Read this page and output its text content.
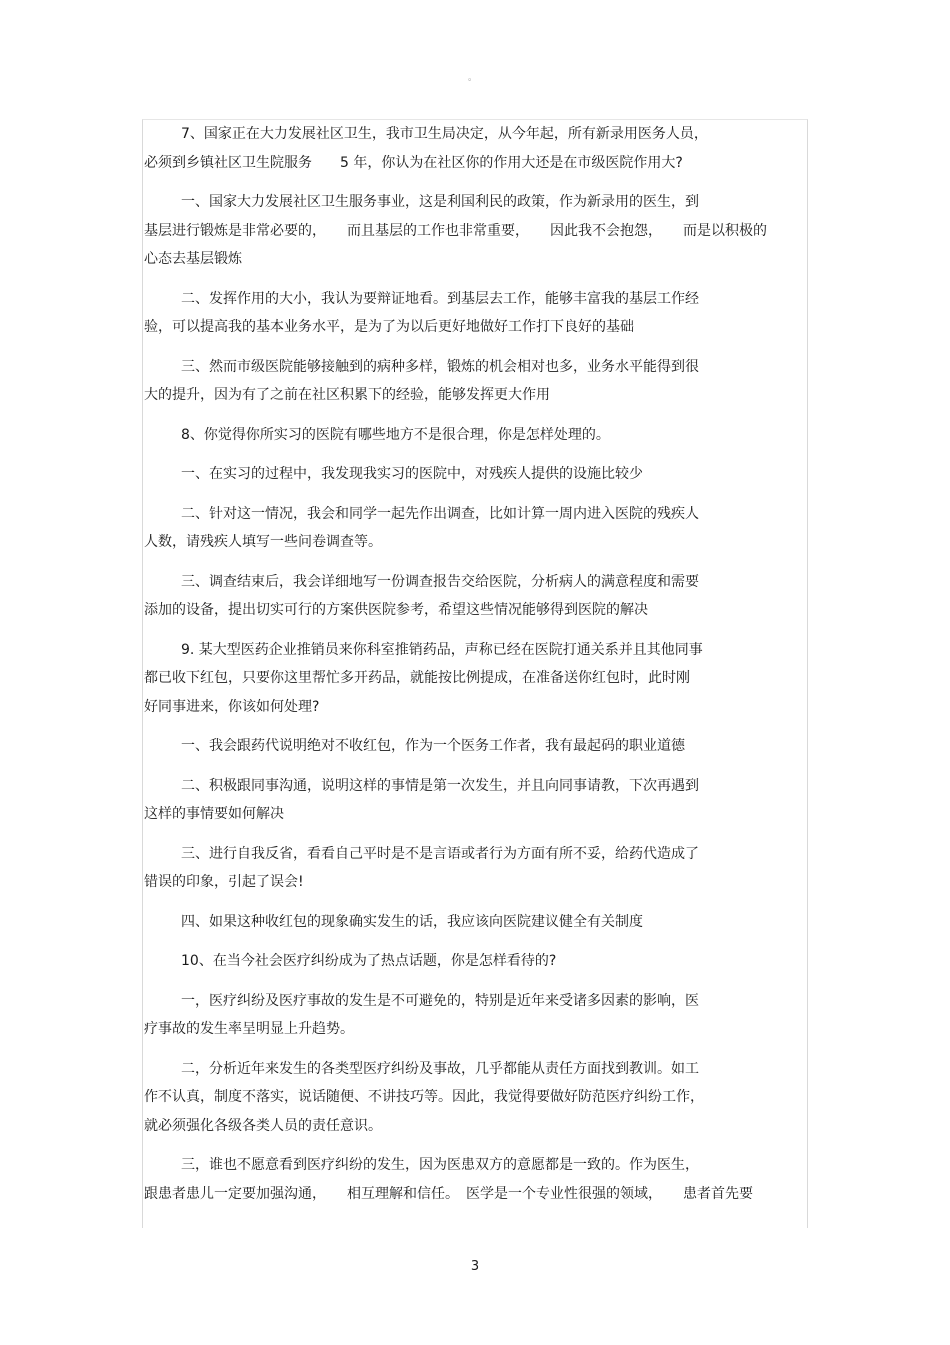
。
7、国家正在大力发展社区卫生，我市卫生局决定，从今年起，所有新录用医务人员，
必须到乡镇社区卫生院服务　　5 年，你认为在社区你的作用大还是在市级医院作用大?
一、国家大力发展社区卫生服务事业，这是利国利民的政策，作为新录用的医生，到
基层进行锻炼是非常必要的，　　而且基层的工作也非常重要，　　因此我不会抱怨，　　而是以积极的
心态去基层锻炼
二、发挥作用的大小，我认为要辩证地看。到基层去工作，能够丰富我的基层工作经
验，可以提高我的基本业务水平，是为了为以后更好地做好工作打下良好的基础
三、然而市级医院能够接触到的病种多样，锻炼的机会相对也多，业务水平能得到很
大的提升，因为有了之前在社区积累下的经验，能够发挥更大作用
8、你觉得你所实习的医院有哪些地方不是很合理，你是怎样处理的。
一、在实习的过程中，我发现我实习的医院中，对残疾人提供的设施比较少
二、针对这一情况，我会和同学一起先作出调查，比如计算一周内进入医院的残疾人
人数，请残疾人填写一些问卷调查等。
三、调查结束后，我会详细地写一份调查报告交给医院，分析病人的满意程度和需要
添加的设备，提出切实可行的方案供医院参考，希望这些情况能够得到医院的解决
9. 某大型医药企业推销员来你科室推销药品，声称已经在医院打通关系并且其他同事
都已收下红包，只要你这里帮忙多开药品，就能按比例提成，在准备送你红包时，此时刚
好同事进来，你该如何处理?
一、我会跟药代说明绝对不收红包，作为一个医务工作者，我有最起码的职业道德
二、积极跟同事沟通，说明这样的事情是第一次发生，并且向同事请教，下次再遇到
这样的事情要如何解决
三、进行自我反省，看看自己平时是不是言语或者行为方面有所不妥，给药代造成了
错误的印象，引起了误会!
四、如果这种收红包的现象确实发生的话，我应该向医院建议健全有关制度
10、在当今社会医疗纠纷成为了热点话题，你是怎样看待的?
一，医疗纠纷及医疗事故的发生是不可避免的，特别是近年来受诸多因素的影响，医
疗事故的发生率呈明显上升趋势。
二，分析近年来发生的各类型医疗纠纷及事故，几乎都能从责任方面找到教训。如工
作不认真，制度不落实，说话随便、不讲技巧等。因此，我觉得要做好防范医疗纠纷工作，
就必须强化各级各类人员的责任意识。
三，谁也不愿意看到医疗纠纷的发生，因为医患双方的意愿都是一致的。作为医生，
跟患者患儿一定要加强沟通，　　相互理解和信任。　医学是一个专业性很强的领域，　　患者首先要
3
